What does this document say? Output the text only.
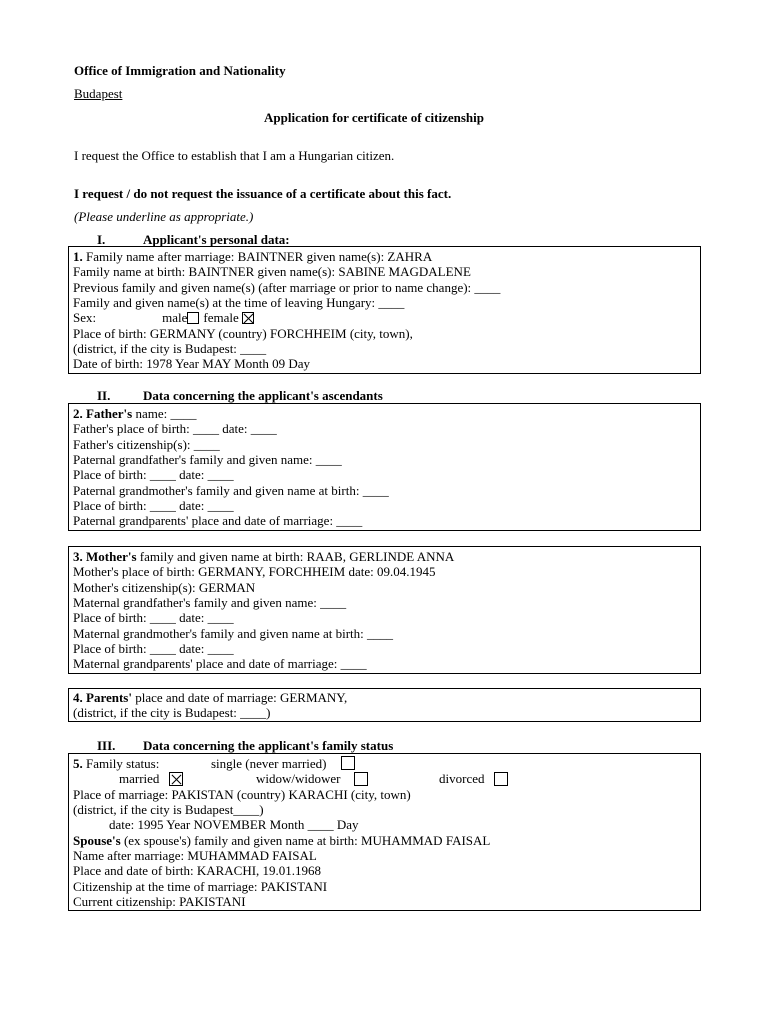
Office of Immigration and Nationality
Budapest
Application for certificate of citizenship
I request the Office to establish that I am a Hungarian citizen.
I request / do not request the issuance of a certificate about this fact.
(Please underline as appropriate.)
I.	Applicant's personal data:
1. Family name after marriage: BAINTNER given name(s): ZAHRA
Family name at birth: BAINTNER given name(s): SABINE MAGDALENE
Previous family and given name(s) (after marriage or prior to name change): ____
Family and given name(s) at the time of leaving Hungary: ____
Sex:	male female
Place of birth: GERMANY (country) FORCHHEIM (city, town),
(district, if the city is Budapest: ____
Date of birth: 1978 Year MAY Month 09 Day
II.	Data concerning the applicant's ascendants
2. Father's name: ____
Father's place of birth: ____ date: ____
Father's citizenship(s): ____
Paternal grandfather's family and given name: ____
Place of birth: ____ date: ____
Paternal grandmother's family and given name at birth: ____
Place of birth: ____ date: ____
Paternal grandparents' place and date of marriage: ____
3. Mother's family and given name at birth: RAAB, GERLINDE ANNA
Mother's place of birth: GERMANY, FORCHHEIM date: 09.04.1945
Mother's citizenship(s): GERMAN
Maternal grandfather's family and given name: ____
Place of birth: ____ date: ____
Maternal grandmother's family and given name at birth: ____
Place of birth: ____ date: ____
Maternal grandparents' place and date of marriage: ____
4. Parents' place and date of marriage: GERMANY,
(district, if the city is Budapest: ____)
III. Data concerning the applicant's family status
5. Family status:	single (never married)
married	widow/widower	divorced
Place of marriage: PAKISTAN (country) KARACHI (city, town)
(district, if the city is Budapest____)
date: 1995 Year NOVEMBER Month ____ Day
Spouse's (ex spouse's) family and given name at birth: MUHAMMAD FAISAL
Name after marriage: MUHAMMAD FAISAL
Place and date of birth: KARACHI, 19.01.1968
Citizenship at the time of marriage: PAKISTANI
Current citizenship: PAKISTANI
